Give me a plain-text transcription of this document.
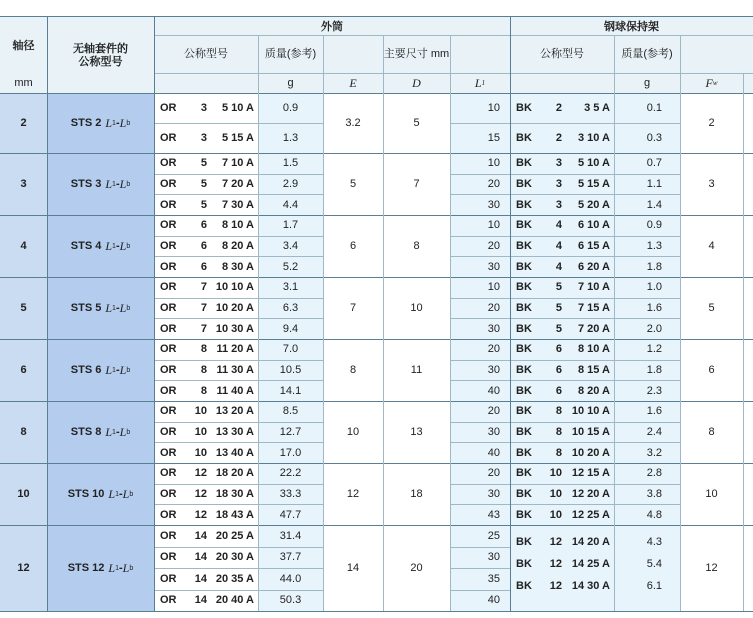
轴径
mm
无轴套件的
公称型号
外筒
公称型号	质量(参考)
g
主要尺寸 mm
E	D	L 1
钢球保持架
公称型号	质量(参考)
g	F w
2	STS 2 L 1 - L b	3.2	5	2
OR	3	5 10 A	0.9	10
OR	3	5 15 A	1.3	15
BK	2	3 5 A	0.1
BK	2	3 10 A	0.3
3	STS 3 L 1 - L b	5	7	3
OR	5	7 10 A	1.5	10
OR	5	7 20 A	2.9	20
OR	5	7 30 A	4.4	30
BK	3	5 10 A	0.7
BK	3	5 15 A	1.1
BK	3	5 20 A	1.4
4	STS 4 L 1 - L b	6	8	4
OR	6	8 10 A	1.7	10
OR	6	8 20 A	3.4	20
OR	6	8 30 A	5.2	30
BK	4	6 10 A	0.9
BK	4	6 15 A	1.3
BK	4	6 20 A	1.8
5	STS 5 L 1 - L b	7	10	5
OR	7 10 10 A	3.1	10
OR	7 10 20 A	6.3	20
OR	7 10 30 A	9.4	30
BK	5	7 10 A	1.0
BK	5	7 15 A	1.6
BK	5	7 20 A	2.0
6	STS 6 L 1 - L b	8	11	6
OR	8 11 20 A	7.0	20
OR	8 11 30 A	10.5	30
OR	8 11 40 A	14.1	40
BK	6	8 10 A	1.2
BK	6	8 15 A	1.8
BK	6	8 20 A	2.3
8	STS 8 L 1 - L b	10	13	8
OR	10 13 20 A	8.5	20
OR	10 13 30 A	12.7	30
OR	10 13 40 A	17.0	40
BK	8 10 10 A	1.6
BK	8 10 15 A	2.4
BK	8 10 20 A	3.2
10	STS 10 L 1 - L b	12	18	10
OR	12 18 20 A	22.2	20
OR	12 18 30 A	33.3	30
OR	12 18 43 A	47.7	43
BK	10 12 15 A	2.8
BK	10 12 20 A	3.8
BK	10 12 25 A	4.8
12	STS 12 L 1 - L b	14	20	12
OR	14 20 25 A	31.4	25
OR	14 20 30 A	37.7	30
OR	14 20 35 A	44.0	35
OR	14 20 40 A	50.3	40
BK	12 14 20 A	4.3
BK	12 14 25 A	5.4
BK	12 14 30 A	6.1
